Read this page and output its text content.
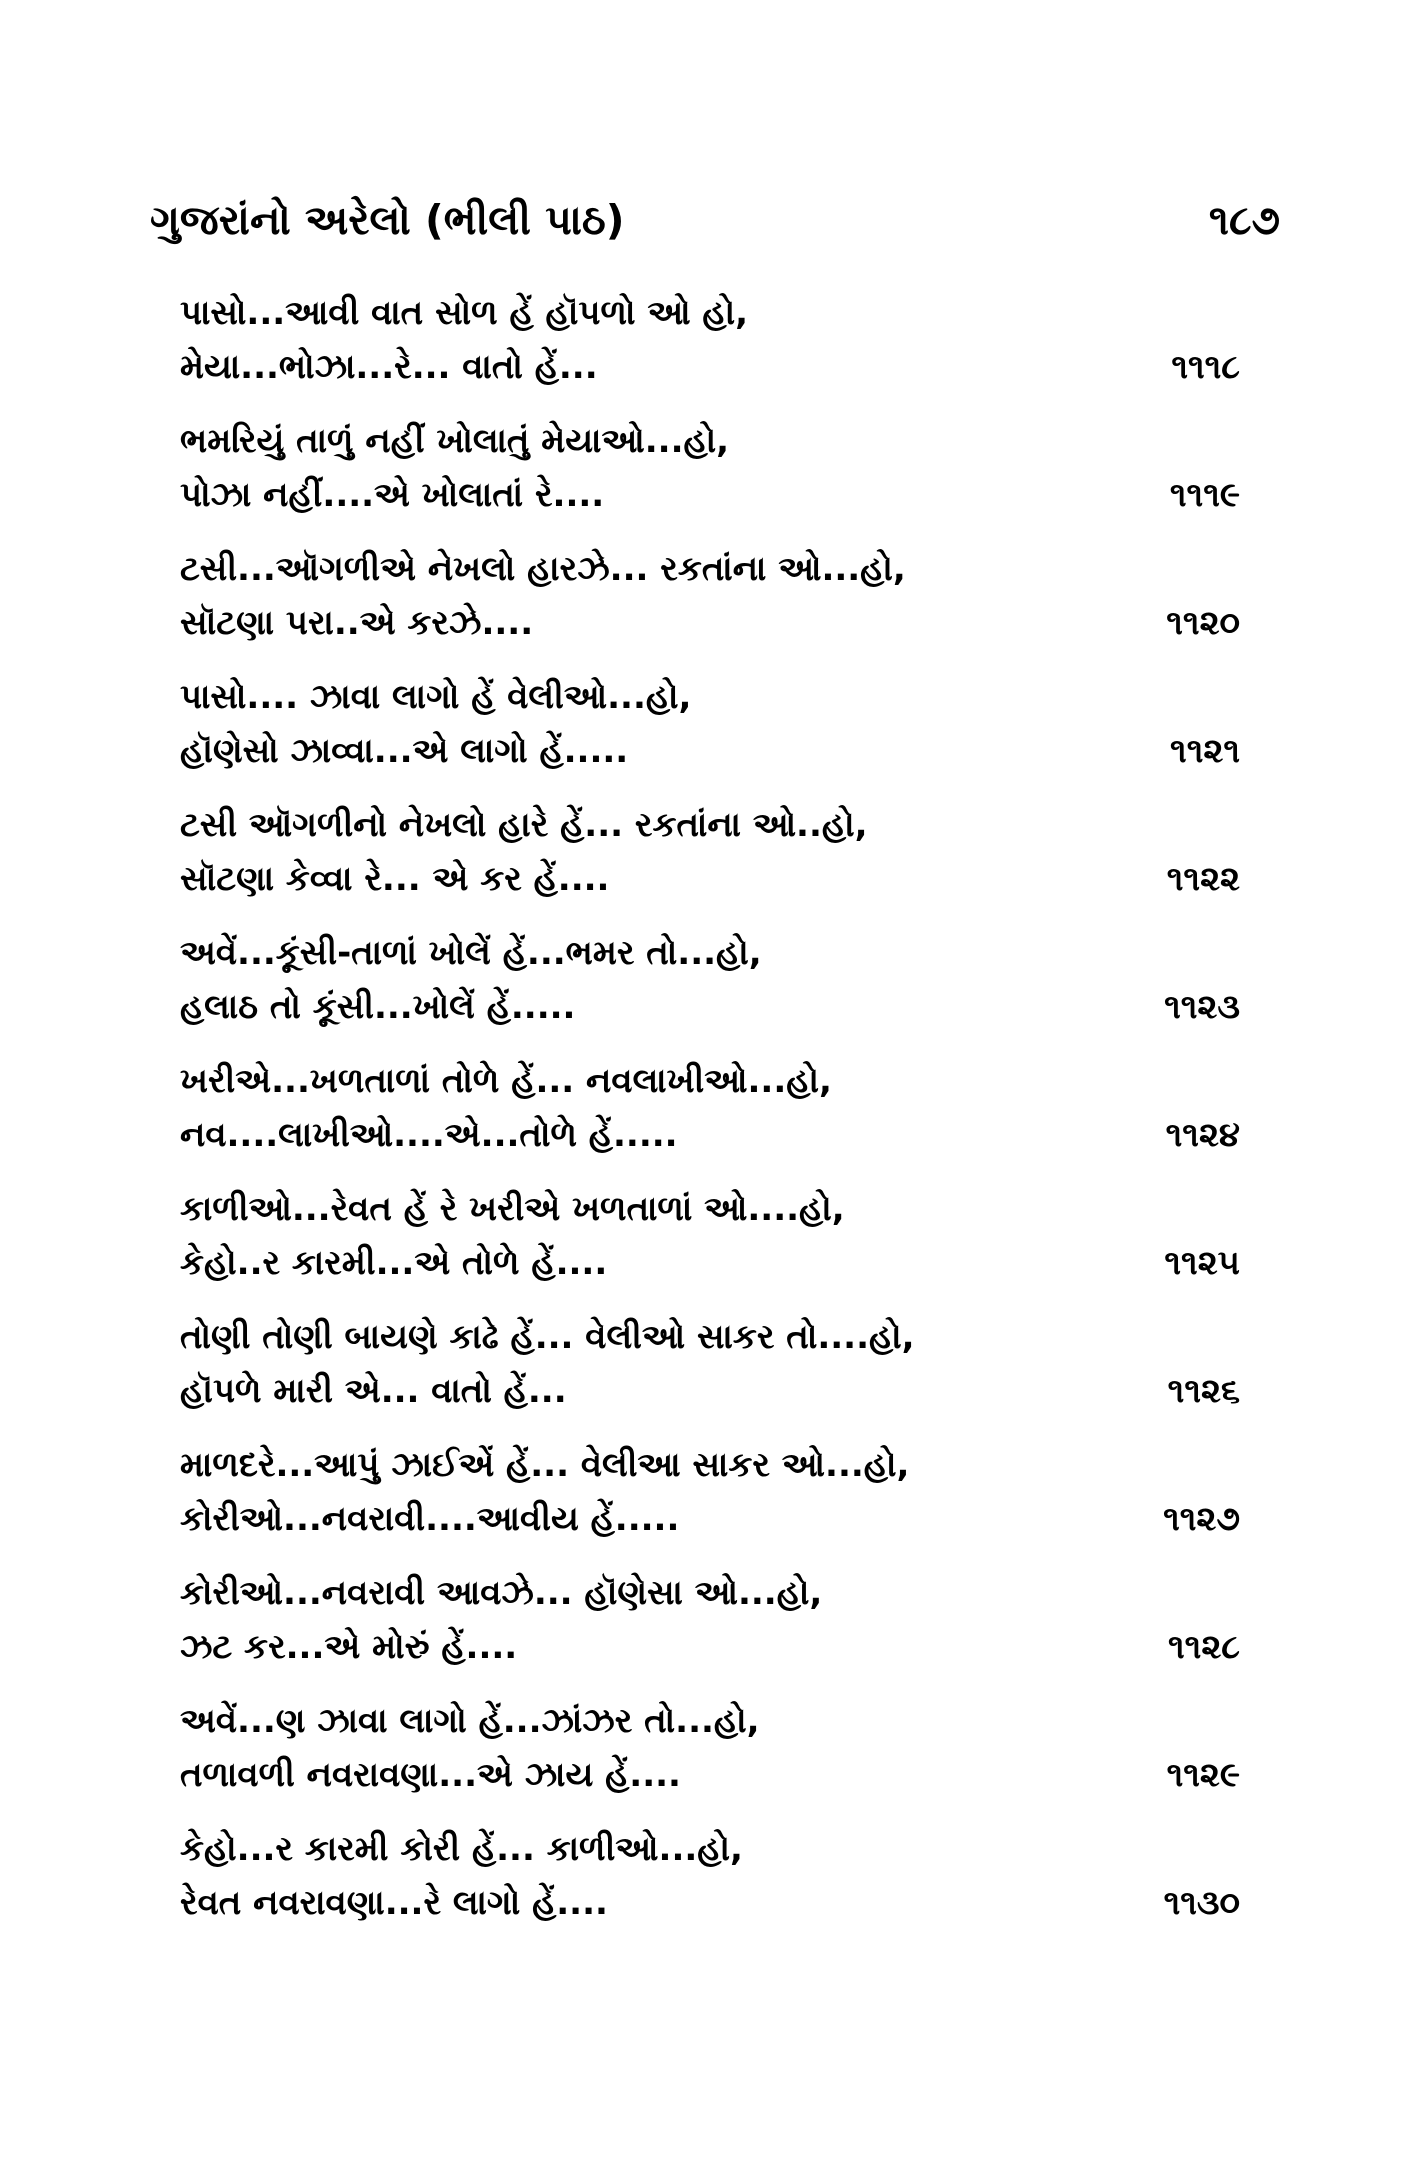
ગુજરાંનો અરેલો (ભીલી પાઠ)	૧૮૭
પાસો...આવી વાત સોળ હેં હૉપળો ઓ હો,
મેયા...ભોઝા...રે... વાતો હેં...	૧૧૧૮
ભમરિયું તાળું નહીં ખોલાતું મેયાઓ...હો,
પોઝા નહીં....એ ખોલાતાં રે....	૧૧૧૯
ટસી...ઑગળીએ નેખલો હારઝે... રકતાંના ઓ...હો,
સૉટણા પરા..એ કરઝે....	૧૧૨૦
પાસો.... ઝાવા લાગો હેં વેલીઓ...હો,
હૉણેસો ઝાવ્વા...એ લાગો હેં.....	૧૧૨૧
ટસી ઑગળીનો નેખલો હારે હેં... રકતાંના ઓ..હો,
સૉટણા કેવ્વા રે... એ કર હેં....	૧૧૨૨
અવેં...કૂંસી-તાળાં ખોલેં હેં...ભમર તો...હો,
હલાઠ તો કૂંસી...ખોલેં હેં.....	૧૧૨૩
ખરીએ...ખળતાળાં તોળે હેં... નવલાખીઓ...હો,
નવ....લાખીઓ....એ...તોળે હેં.....	૧૧૨૪
કાળીઓ...રેવત હેં રે ખરીએ ખળતાળાં ઓ....હો,
કેહો..ર કારમી...એ તોળે હેં....	૧૧૨૫
તોણી તોણી બાયણે કાઢે હેં... વેલીઓ સાકર તો....હો,
હૉપળે મારી એ... વાતો હેં...	૧૧૨૬
માળદરે...આપું ઝાઈએં હેં... વેલીઆ સાકર ઓ...હો,
કોરીઓ...નવરાવી....આવીય હેં.....	૧૧૨૭
કોરીઓ...નવરાવી આવઝે... હૉણેસા ઓ...હો,
ઝટ કર...એ મોરું હેં....	૧૧૨૮
અવેં...ણ ઝાવા લાગો હેં...ઝાંઝર તો...હો,
તળાવળી નવરાવણા...એ ઝાય હેં....	૧૧૨૯
કેહો...ર કારમી કોરી હેં... કાળીઓ...હો,
રેવત નવરાવણા...રે લાગો હેં....	૧૧૩૦
